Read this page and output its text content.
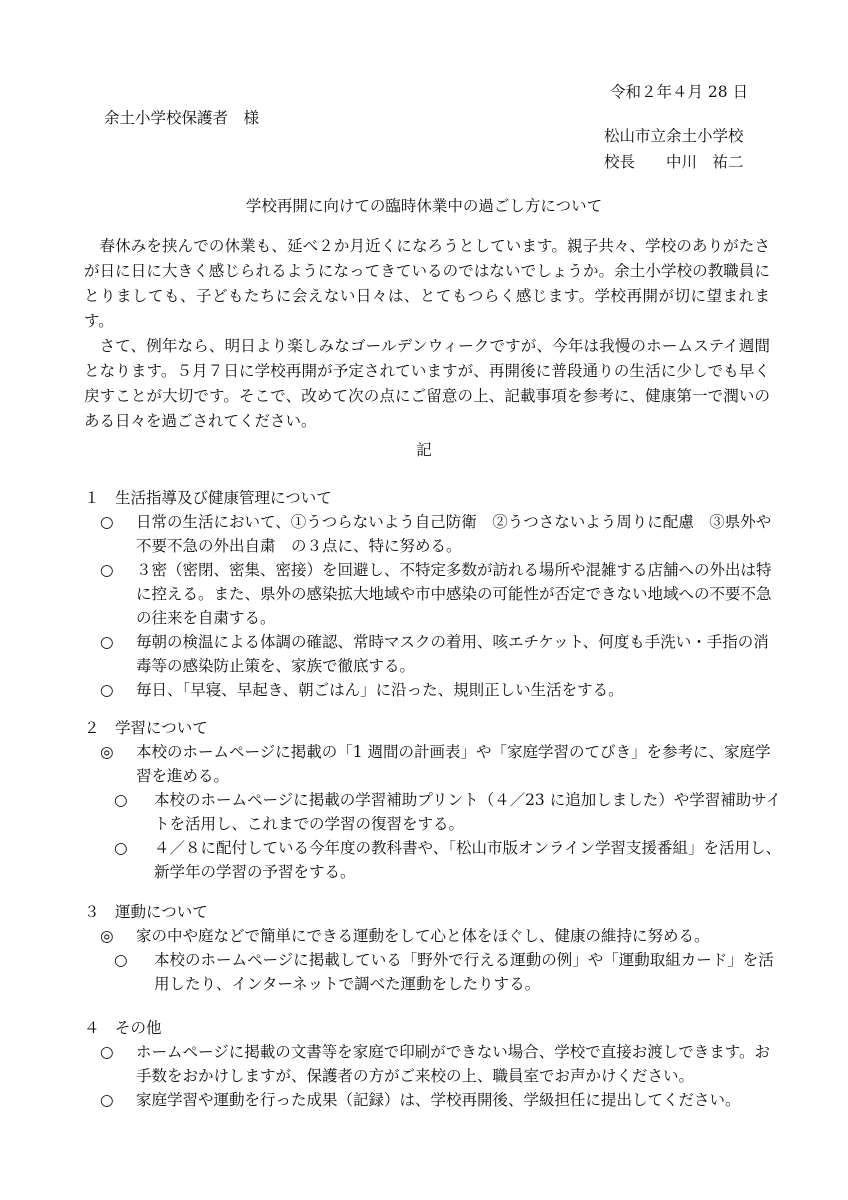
令和２年４月 28 日
余土小学校保護者　様
松山市立余土小学校
校長　　中川　祐二
学校再開に向けての臨時休業中の過ごし方について

春休みを挟んでの休業も、延べ２か月近くになろうとしています。親子共々、学校のありがたさが日に日に大きく感じられるようになってきているのではないでしょうか。余土小学校の教職員にとりましても、子どもたちに会えない日々は、とてもつらく感じます。学校再開が切に望まれます。

さて、例年なら、明日より楽しみなゴールデンウィークですが、今年は我慢のホームステイ週間となります。５月７日に学校再開が予定されていますが、再開後に普段通りの生活に少しでも早く戻すことが大切です。そこで、改めて次の点にご留意の上、記載事項を参考に、健康第一で潤いのある日々を過ごされてください。

記

１　生活指導及び健康管理について

○	日常の生活において、①うつらないよう自己防衛　②うつさないよう周りに配慮　③県外や不要不急の外出自粛　の３点に、特に努める。
○	３密（密閉、密集、密接）を回避し、不特定多数が訪れる場所や混雑する店舗への外出は特に控える。また、県外の感染拡大地域や市中感染の可能性が否定できない地域への不要不急の往来を自粛する。
○	毎朝の検温による体調の確認、常時マスクの着用、咳エチケット、何度も手洗い・手指の消毒等の感染防止策を、家族で徹底する。
○	毎日、「早寝、早起き、朝ごはん」に沿った、規則正しい生活をする。

２　学習について

◎	本校のホームページに掲載の「1 週間の計画表」や「家庭学習のてびき」を参考に、家庭学習を進める。
○	本校のホームページに掲載の学習補助プリント（４／23 に追加しました）や学習補助サイトを活用し、これまでの学習の復習をする。
○	４／８に配付している今年度の教科書や、「松山市版オンライン学習支援番組」を活用し、新学年の学習の予習をする。

３　運動について

◎	家の中や庭などで簡単にできる運動をして心と体をほぐし、健康の維持に努める。
○	本校のホームページに掲載している「野外で行える運動の例」や「運動取組カード」を活用したり、インターネットで調べた運動をしたりする。

４　その他

○	ホームページに掲載の文書等を家庭で印刷ができない場合、学校で直接お渡しできます。お手数をおかけしますが、保護者の方がご来校の上、職員室でお声かけください。
○	家庭学習や運動を行った成果（記録）は、学校再開後、学級担任に提出してください。
